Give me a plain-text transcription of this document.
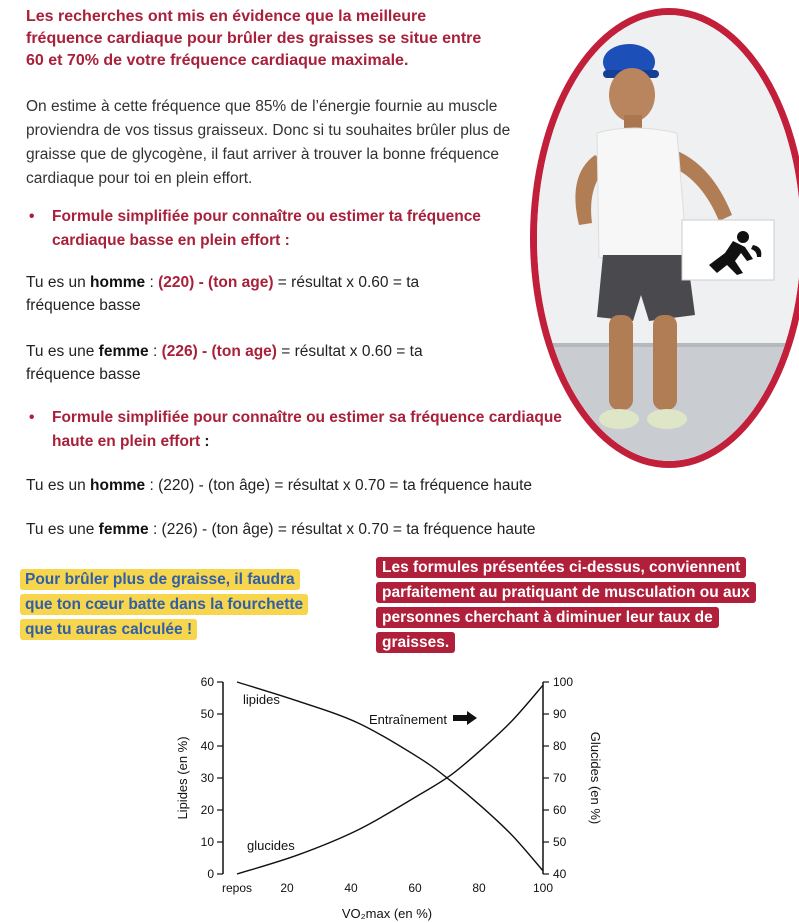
Les recherches ont mis en évidence que la meilleure fréquence cardiaque pour brûler des graisses se situe entre 60 et 70% de votre fréquence cardiaque maximale.
On estime à cette fréquence que 85% de l’énergie fournie au muscle proviendra de vos tissus graisseux. Donc si tu souhaites brûler plus de graisse que de glycogène, il faut arriver à trouver la bonne fréquence cardiaque pour toi en plein effort.
•	Formule simplifiée pour connaître ou estimer ta fréquence cardiaque basse en plein effort :
Tu es un homme : (220) - (ton age) = résultat x 0.60 = ta fréquence basse
Tu es une femme : (226) - (ton age) = résultat x 0.60 = ta fréquence basse
•	Formule simplifiée pour connaître ou estimer sa fréquence cardiaque haute en plein effort :
Tu es un homme : (220) - (ton âge) = résultat x 0.70 = ta fréquence haute
Tu es une femme : (226) - (ton âge) = résultat x 0.70 = ta fréquence haute
Pour brûler plus de graisse, il faudra que ton cœur batte dans la fourchette que tu auras calculée !
Les formules présentées ci-dessus, conviennent parfaitement au pratiquant de musculation ou aux personnes cherchant à diminuer leur taux de graisses.
0
10
20
30
40
50
60
40
50
60
70
80
90
100
repos 20	40	60	80	100
lipides
glucides
Lipides (en %)	Glucides (en %)
VO₂max (en %)
Entraînement
